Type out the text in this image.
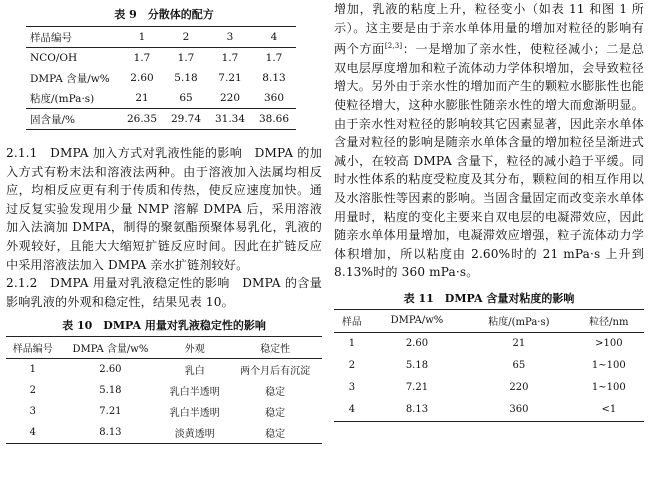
表 9　分散体的配方
样品编号	1	2	3	4
NCO/OH	1.7	1.7	1.7	1.7
DMPA 含量/w%	2.60	5.18	7.21	8.13
粘度/(mPa·s)	21	65	220	360
固含量/%	26.35	29.74	31.34	38.66

2.1.1　DMPA 加入方式对乳液性能的影响　DMPA 的加入方式有粉末法和溶液法两种。由于溶液加入法属均相反应，均相反应更有利于传质和传热，使反应速度加快。通过反复实验发现用少量 NMP 溶解 DMPA 后，采用溶液加入法滴加 DMPA，制得的聚氨酯预聚体易乳化，乳液的外观较好，且能大大缩短扩链反应时间。因此在扩链反应中采用溶液法加入 DMPA 亲水扩链剂较好。

2.1.2　DMPA 用量对乳液稳定性的影响　DMPA 的含量影响乳液的外观和稳定性，结果见表 10。

表 10　DMPA 用量对乳液稳定性的影响
样品编号	DMPA 含量/w%	外观	稳定性
1	2.60	乳白	两个月后有沉淀
2	5.18	乳白半透明	稳定
3	7.21	乳白半透明	稳定
4	8.13	淡黄透明	稳定

增加，乳液的粘度上升，粒径变小（如表 11 和图 1 所示）。这主要是由于亲水单体用量的增加对粒径的影响有两个方面[2,3]：一是增加了亲水性，使粒径减小；二是总双电层厚度增加和粒子流体动力学体积增加，会导致粒径增大。另外由于亲水性的增加而产生的颗粒水膨胀性也能使粒径增大，这种水膨胀性随亲水性的增大而愈渐明显。由于亲水性对粒径的影响较其它因素显著，因此亲水单体含量对粒径的影响是随亲水单体含量的增加粒径呈渐进式减小，在较高 DMPA 含量下，粒径的减小趋于平缓。同时水性体系的粘度受粒度及其分布，颗粒间的相互作用以及水溶胀性等因素的影响。当固含量固定而改变亲水单体用量时，粘度的变化主要来自双电层的电凝滞效应，因此随亲水单体用量增加，电凝滞效应增强，粒子流体动力学体积增加，所以粘度由 2.60%时的 21 mPa·s 上升到 8.13%时的 360 mPa·s。

表 11　DMPA 含量对粘度的影响
样品	DMPA/w%	粘度/(mPa·s)	粒径/nm
1	2.60	21	>100
2	5.18	65	1~100
3	7.21	220	1~100
4	8.13	360	<1
